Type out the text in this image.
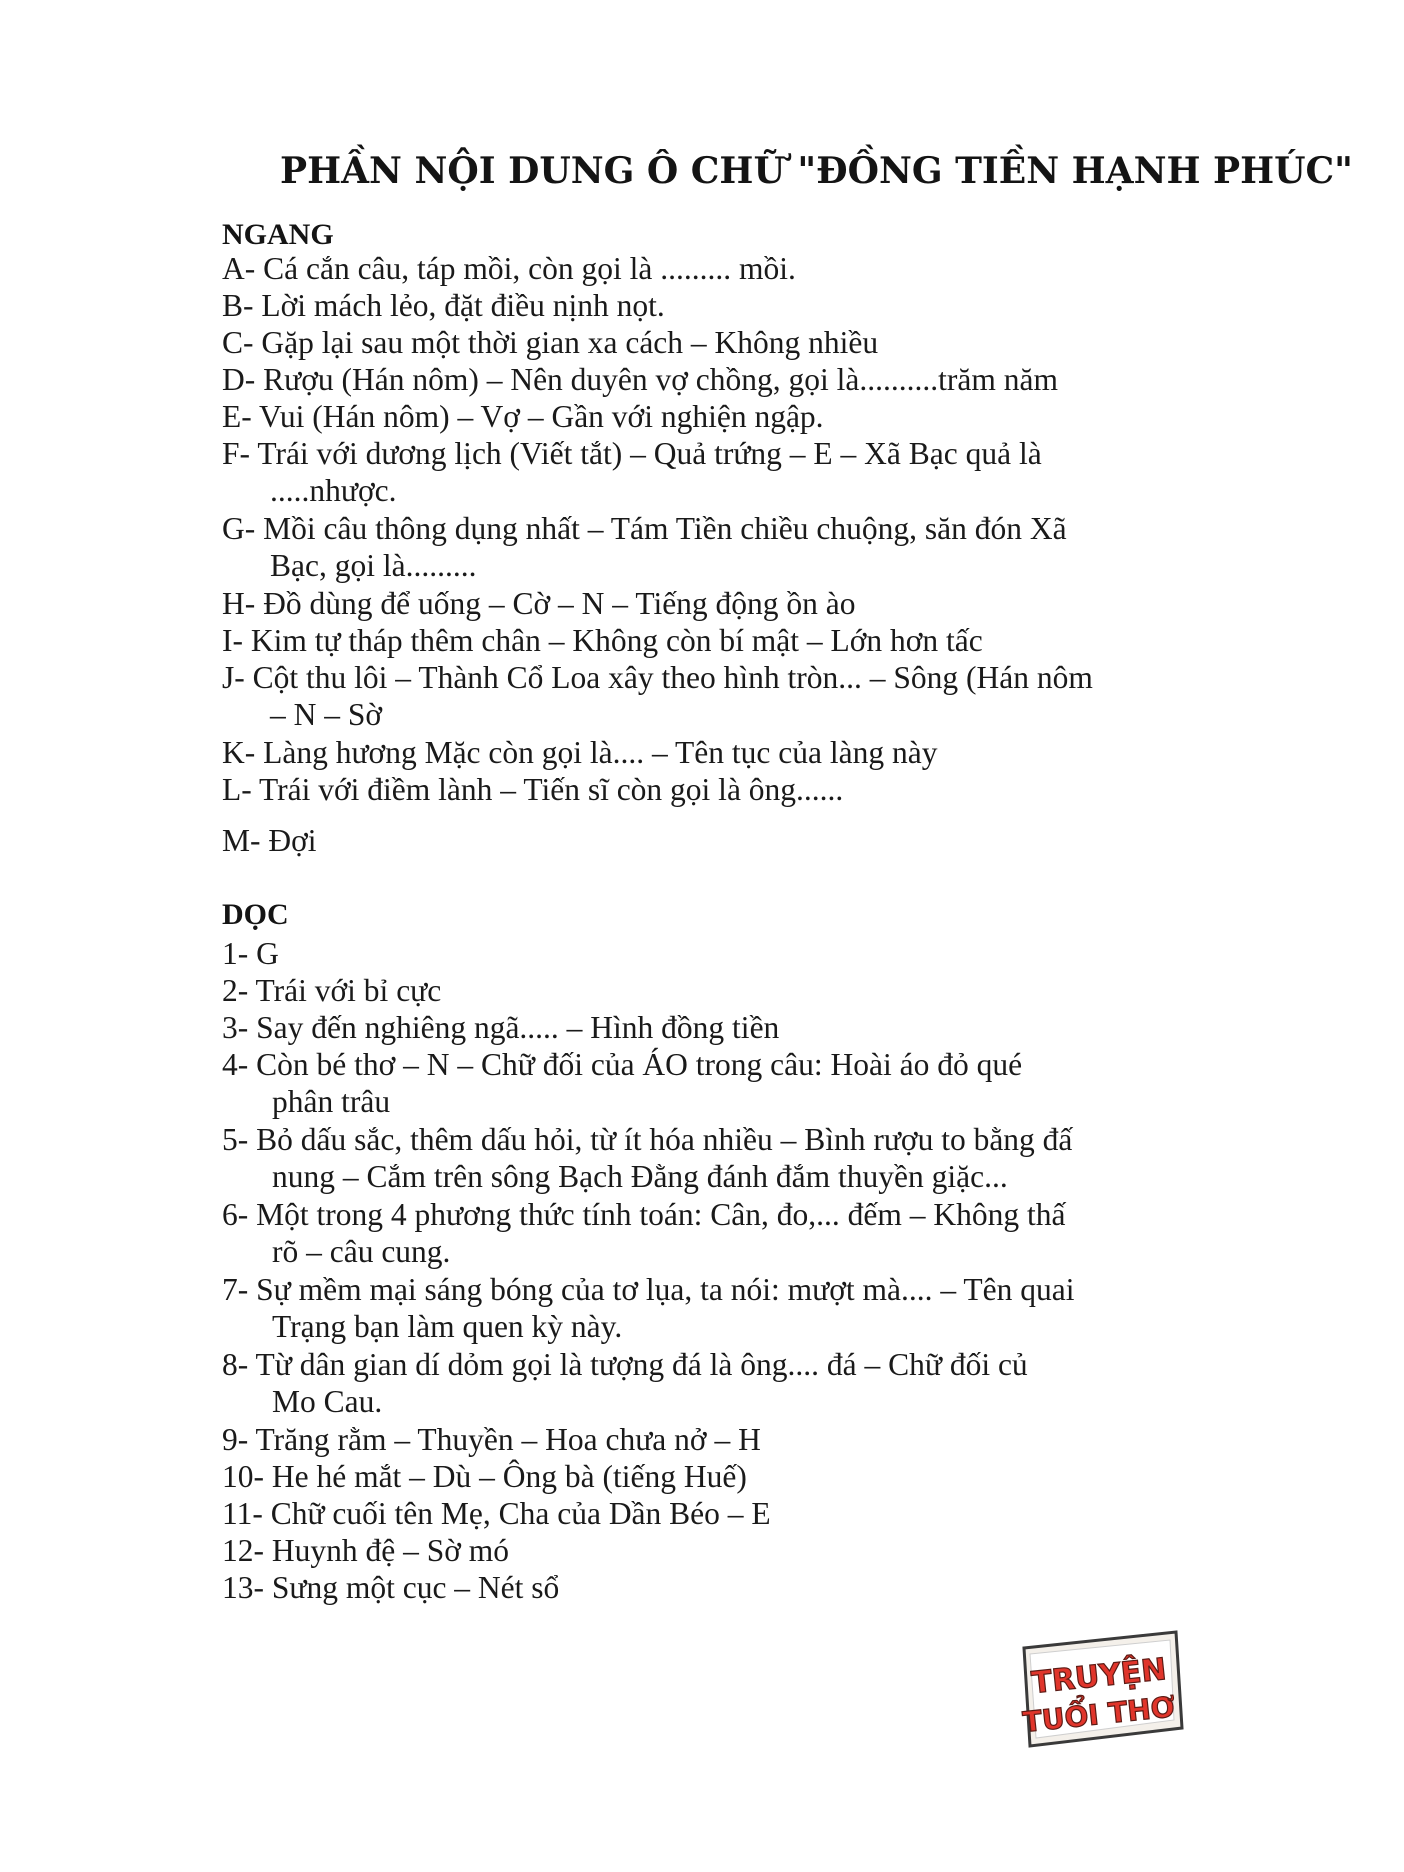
PHẦN NỘI DUNG Ô CHỮ "ĐỒNG TIỀN HẠNH PHÚC"
NGANG
A- Cá cắn câu, táp mồi, còn gọi là ......... mồi.
B- Lời mách lẻo, đặt điều nịnh nọt.
C- Gặp lại sau một thời gian xa cách – Không nhiều
D- Rượu (Hán nôm) – Nên duyên vợ chồng, gọi là..........trăm năm
E- Vui (Hán nôm) – Vợ – Gần với nghiện ngập.
F- Trái với dương lịch (Viết tắt) – Quả trứng – E – Xã Bạc quả là
.....nhược.
G- Mồi câu thông dụng nhất – Tám Tiền chiều chuộng, săn đón Xã
Bạc, gọi là.........
H- Đồ dùng để uống – Cờ – N – Tiếng động ồn ào
I- Kim tự tháp thêm chân – Không còn bí mật – Lớn hơn tấc
J- Cột thu lôi – Thành Cổ Loa xây theo hình tròn... – Sông (Hán nôm
– N – Sờ
K- Làng hương Mặc còn gọi là.... – Tên tục của làng này
L- Trái với điềm lành – Tiến sĩ còn gọi là ông......
M- Đợi
DỌC
1- G
2- Trái với bỉ cực
3- Say đến nghiêng ngã..... – Hình đồng tiền
4- Còn bé thơ – N – Chữ đối của ÁO trong câu: Hoài áo đỏ qué
phân trâu
5- Bỏ dấu sắc, thêm dấu hỏi, từ ít hóa nhiều – Bình rượu to bằng đấ
nung – Cắm trên sông Bạch Đằng đánh đắm thuyền giặc...
6- Một trong 4 phương thức tính toán: Cân, đo,... đếm – Không thấ
rõ – câu cung.
7- Sự mềm mại sáng bóng của tơ lụa, ta nói: mượt mà.... – Tên quai
Trạng bạn làm quen kỳ này.
8- Từ dân gian dí dỏm gọi là tượng đá là ông.... đá – Chữ đối củ
Mo Cau.
9- Trăng rằm – Thuyền – Hoa chưa nở – H
10- He hé mắt – Dù – Ông bà (tiếng Huế)
11- Chữ cuối tên Mẹ, Cha của Dần Béo – E
12- Huynh đệ – Sờ mó
13- Sưng một cục – Nét sổ
TRUYỆN
TUỔI THƠ
